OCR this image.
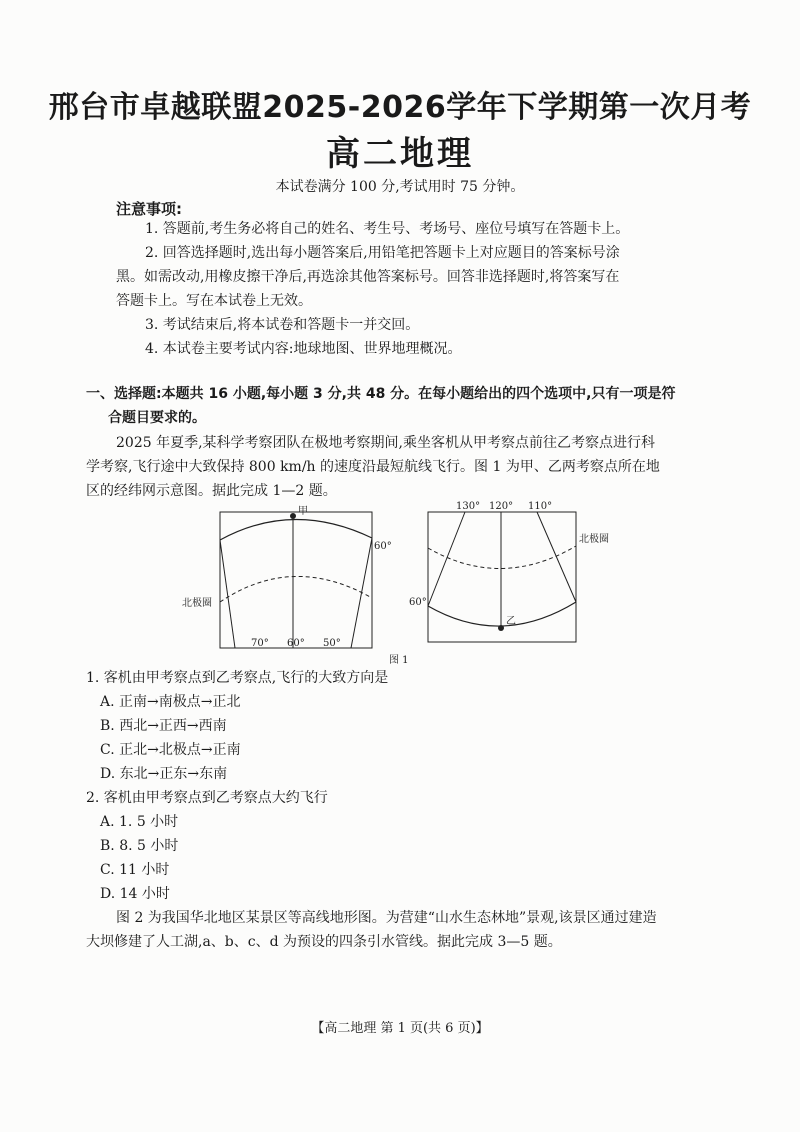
邢台市卓越联盟2025-2026学年下学期第一次月考
高二地理
本试卷满分 100 分,考试用时 75 分钟。
注意事项:
1. 答题前,考生务必将自己的姓名、考生号、考场号、座位号填写在答题卡上。
2. 回答选择题时,选出每小题答案后,用铅笔把答题卡上对应题目的答案标号涂
黑。如需改动,用橡皮擦干净后,再选涂其他答案标号。回答非选择题时,将答案写在
答题卡上。写在本试卷上无效。
3. 考试结束后,将本试卷和答题卡一并交回。
4. 本试卷主要考试内容:地球地图、世界地理概况。
一、选择题:本题共 16 小题,每小题 3 分,共 48 分。在每小题给出的四个选项中,只有一项是符
合题目要求的。
2025 年夏季,某科学考察团队在极地考察期间,乘坐客机从甲考察点前往乙考察点进行科
学考察,飞行途中大致保持 800 km/h 的速度沿最短航线飞行。图 1 为甲、乙两考察点所在地
区的经纬网示意图。据此完成 1—2 题。
甲
60°
北极圈
70° 60° 50°
130° 120° 110°
北极圈
60°
乙
图 1
1. 客机由甲考察点到乙考察点,飞行的大致方向是
A. 正南→南极点→正北
B. 西北→正西→西南
C. 正北→北极点→正南
D. 东北→正东→东南
2. 客机由甲考察点到乙考察点大约飞行
A. 1. 5 小时
B. 8. 5 小时
C. 11 小时
D. 14 小时
图 2 为我国华北地区某景区等高线地形图。为营建“山水生态林地”景观,该景区通过建造
大坝修建了人工湖,a、b、c、d 为预设的四条引水管线。据此完成 3—5 题。
【高二地理 第 1 页(共 6 页)】
